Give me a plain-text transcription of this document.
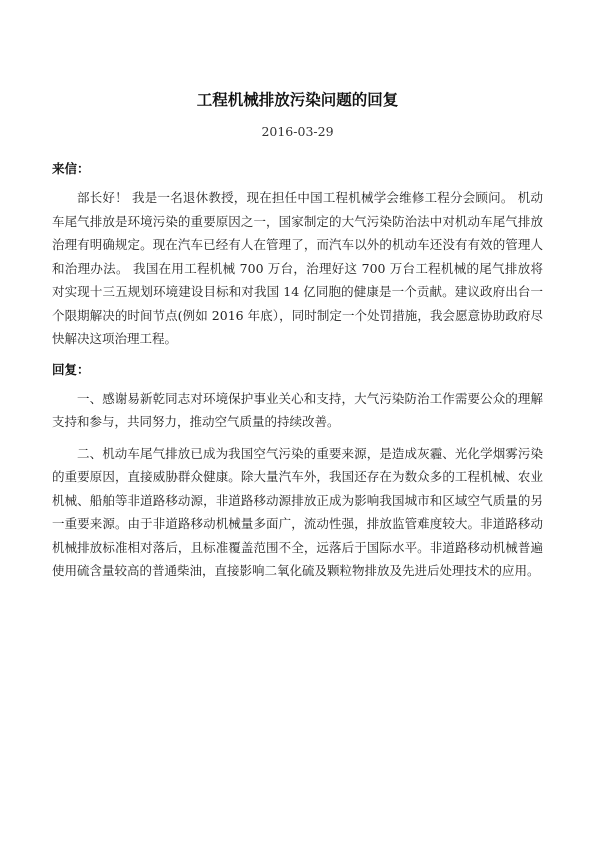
工程机械排放污染问题的回复

2016-03-29

来信：

部长好！ 我是一名退休教授，现在担任中国工程机械学会维修工程分会顾问。 机动车尾气排放是环境污染的重要原因之一，国家制定的大气污染防治法中对机动车尾气排放治理有明确规定。现在汽车已经有人在管理了，而汽车以外的机动车还没有有效的管理人和治理办法。 我国在用工程机械 700 万台，治理好这 700 万台工程机械的尾气排放将对实现十三五规划环境建设目标和对我国 14 亿同胞的健康是一个贡献。建议政府出台一个限期解决的时间节点(例如 2016 年底），同时制定一个处罚措施，我会愿意协助政府尽快解决这项治理工程。

回复：

一、感谢易新乾同志对环境保护事业关心和支持，大气污染防治工作需要公众的理解支持和参与，共同努力，推动空气质量的持续改善。

二、机动车尾气排放已成为我国空气污染的重要来源，是造成灰霾、光化学烟雾污染的重要原因，直接威胁群众健康。除大量汽车外，我国还存在为数众多的工程机械、农业机械、船舶等非道路移动源，非道路移动源排放正成为影响我国城市和区域空气质量的另一重要来源。由于非道路移动机械量多面广，流动性强，排放监管难度较大。非道路移动机械排放标准相对落后，且标准覆盖范围不全，远落后于国际水平。非道路移动机械普遍使用硫含量较高的普通柴油，直接影响二氧化硫及颗粒物排放及先进后处理技术的应用。
